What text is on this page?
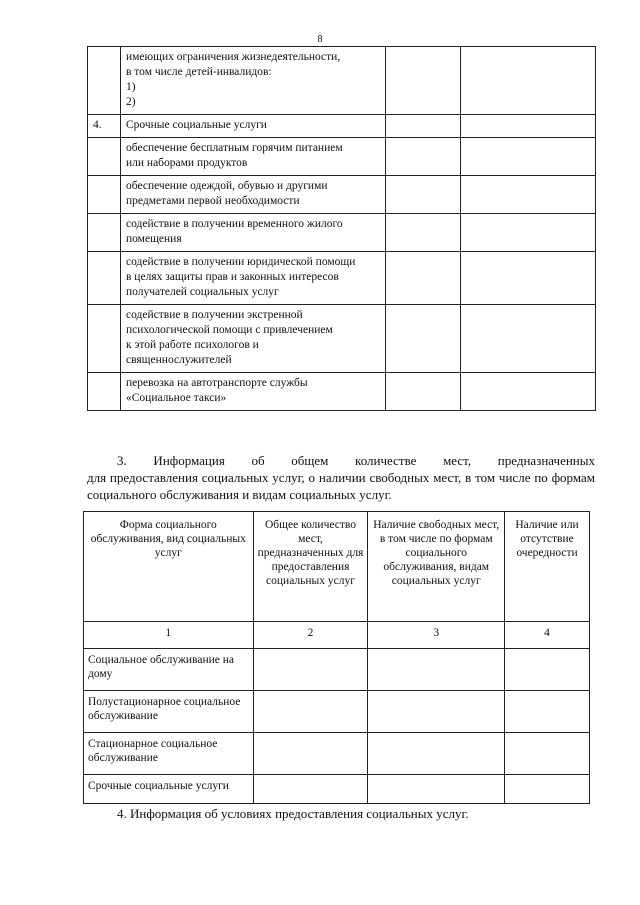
8

	имеющих ограничения жизнедеятельности,
в том числе детей-инвалидов:
1)
2)		

4.	Срочные социальные услуги		

	обеспечение бесплатным горячим питанием
или наборами продуктов		

	обеспечение одеждой, обувью и другими
предметами первой необходимости		

	содействие в получении временного жилого
помещения		

	содействие в получении юридической помощи
в целях защиты прав и законных интересов
получателей социальных услуг		

	содействие в получении экстренной
психологической помощи с привлечением
к этой работе психологов и
священнослужителей		

	перевозка на автотранспорте службы
«Социальное такси»		

3. Информация об общем количестве мест, предназначенных
для предоставления социальных услуг, о наличии свободных мест, в том числе по формам социального обслуживания и видам социальных услуг.
Форма социального обслуживания, вид социальных услуг	Общее количество мест, предназначенных для предоставления социальных услуг	Наличие свободных мест, в том числе по формам социального обслуживания, видам социальных услуг	Наличие или отсутствие очередности
1	2	3	4
Социальное обслуживание на дому			
Полустационарное социальное обслуживание			
Стационарное социальное обслуживание			
Срочные социальные услуги			
4. Информация об условиях предоставления социальных услуг.
